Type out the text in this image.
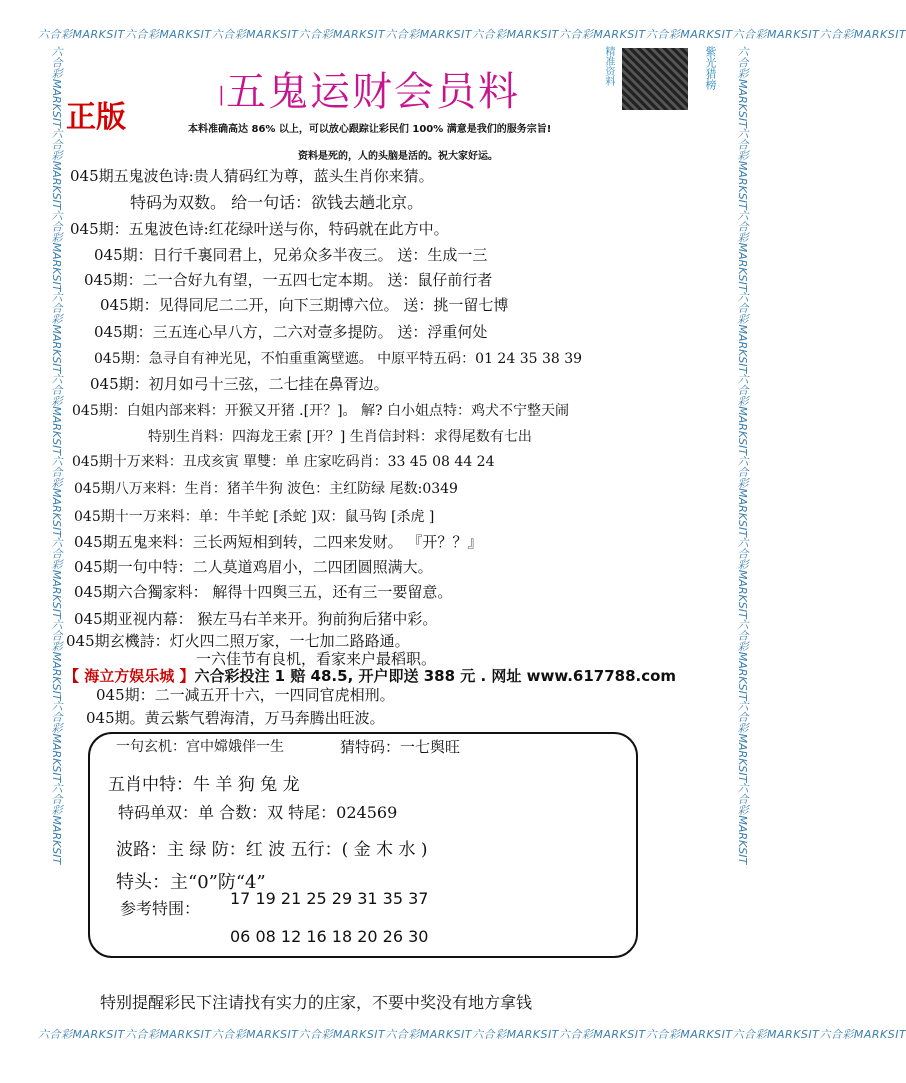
六合彩MARKSIT六合彩MARKSIT六合彩MARKSIT六合彩MARKSIT六合彩MARKSIT六合彩MARKSIT六合彩MARKSIT六合彩MARKSIT六合彩MARKSIT六合彩MARKSIT
六合彩MARKSIT六合彩MARKSIT六合彩MARKSIT六合彩MARKSIT六合彩MARKSIT六合彩MARKSIT六合彩MARKSIT六合彩MARKSIT六合彩MARKSIT六合彩MARKSIT
六合彩MARKSIT六合彩MARKSIT六合彩MARKSIT六合彩MARKSIT六合彩MARKSIT六合彩MARKSIT六合彩MARKSIT六合彩MARKSIT六合彩MARKSIT六合彩MARKSIT	六合彩MARKSIT六合彩MARKSIT六合彩MARKSIT六合彩MARKSIT六合彩MARKSIT六合彩MARKSIT六合彩MARKSIT六合彩MARKSIT六合彩MARKSIT六合彩MARKSIT
| 五鬼运财会员料
正版
精准资料	紫光猎榜
本料准确高达 86% 以上，可以放心跟踪让彩民们 100% 满意是我们的服务宗旨!
资料是死的，人的头脑是活的。祝大家好运。
045期五鬼波色诗:贵人猜码红为尊，蓝头生肖你来猜。
特码为双数。 给一句话：欲钱去趟北京。
045期：五鬼波色诗:红花绿叶送与你，特码就在此方中。
045期：日行千裏同君上，兄弟众多半夜三。 送：生成一三
045期：二一合好九有望，一五四七定本期。 送：鼠仔前行者
045期：见得同尼二二开，向下三期博六位。 送：挑一留七博
045期：三五连心早八方，二六对壹多提防。 送：浮重何处
045期：急寻自有神光见，不怕重重篱壁遮。 中原平特五码：01 24 35 38 39
045期：初月如弓十三弦，二七挂在鼻胥边。
045期：白姐内部来料：开猴又开猪 .[开？]。 解? 白小姐点特：鸡犬不宁整天闹
特别生肖料：四海龙王索 [开？] 生肖信封料：求得尾数有七出
045期十万来料：丑戌亥寅 單雙：单 庄家吃码肖：33 45 08 44 24
045期八万来料：生肖：猪羊牛狗 波色：主红防绿 尾数:0349
045期十一万来料：单：牛羊蛇 [杀蛇 ]双：鼠马钩 [杀虎 ]
045期五鬼来料：三长两短相到转，二四来发财。 『开？？』
045期一句中特：二人莫道鸡眉小，二四团圆照满大。
045期六合獨家料： 解得十四舆三五，还有三一要留意。
045期亚视内幕： 猴左马右羊来开。狗前狗后猪中彩。
045期玄機詩：灯火四二照万家，一七加二路路通。
一六佳节有良机，看家来户最稻职。
【 海立方娱乐城 】六合彩投注 1 赔 48.5, 开户即送 388 元 . 网址 www.617788.com
045期：二一减五开十六，一四同官虎相刑。
045期。黄云紫气碧海清，万马奔腾出旺波。
一句玄机：宫中嫦娥伴一生	猜特码：一七舆旺
五肖中特：牛 羊 狗 兔 龙
特码单双：单 合数：双 特尾：024569
波路：主 绿 防：红 波 五行：( 金 木 水 )
特头：主“0”防“4”
参考特围：
17 19 21 25 29 31 35 37
06 08 12 16 18 20 26 30
特别提醒彩民下注请找有实力的庄家，不要中奖没有地方拿钱
